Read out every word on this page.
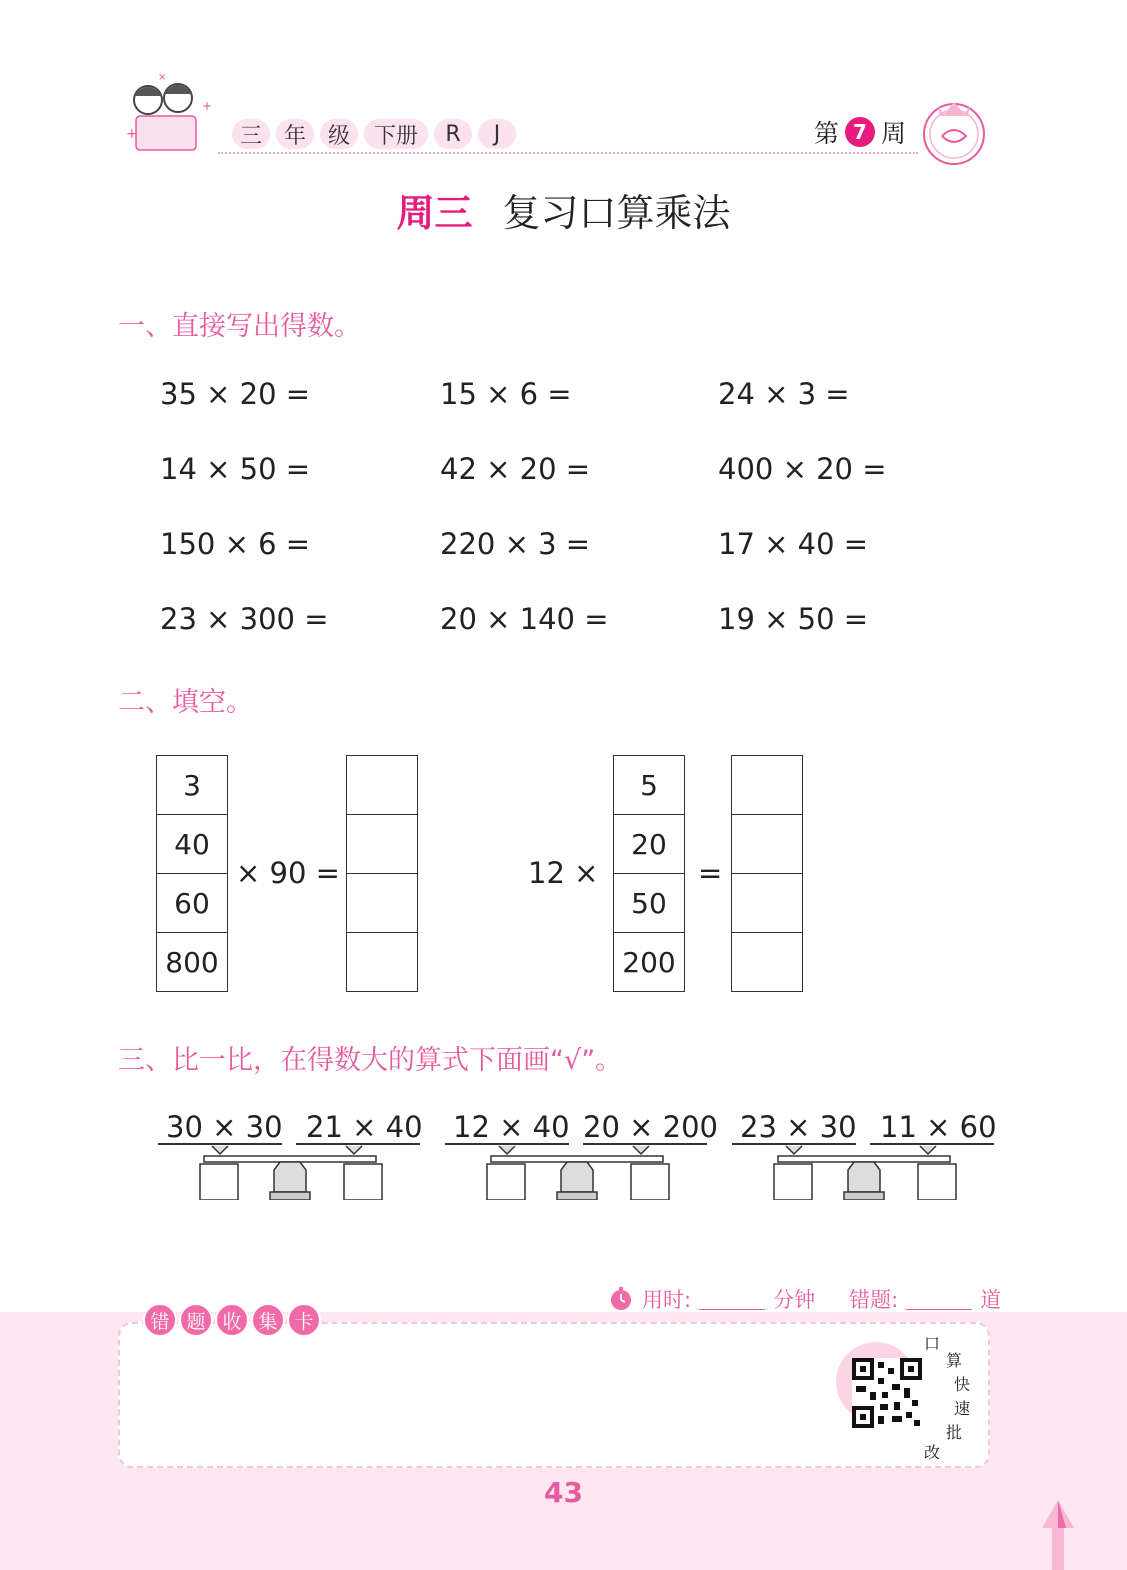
+
+
×
三 年 级	下册	R	J	第 7 周
周三 复习口算乘法
一、直接写出得数。
35 × 20 =	15 × 6 =	24 × 3 =
14 × 50 =	42 × 20 =	400 × 20 =
150 × 6 =	220 × 3 =	17 × 40 =
23 × 300 =	20 × 140 =	19 × 50 =
二、填空。
3
40
60
800
× 90 =	12 ×
5
20
50
200
=
三、比一比，在得数大的算式下面画“√”。
30 × 30 21 × 40 12 × 40 20 × 200 23 × 30 11 × 60
用时:	分钟 错题:	道
错 题 收 集 卡
口
算
快
速
批
改
43
